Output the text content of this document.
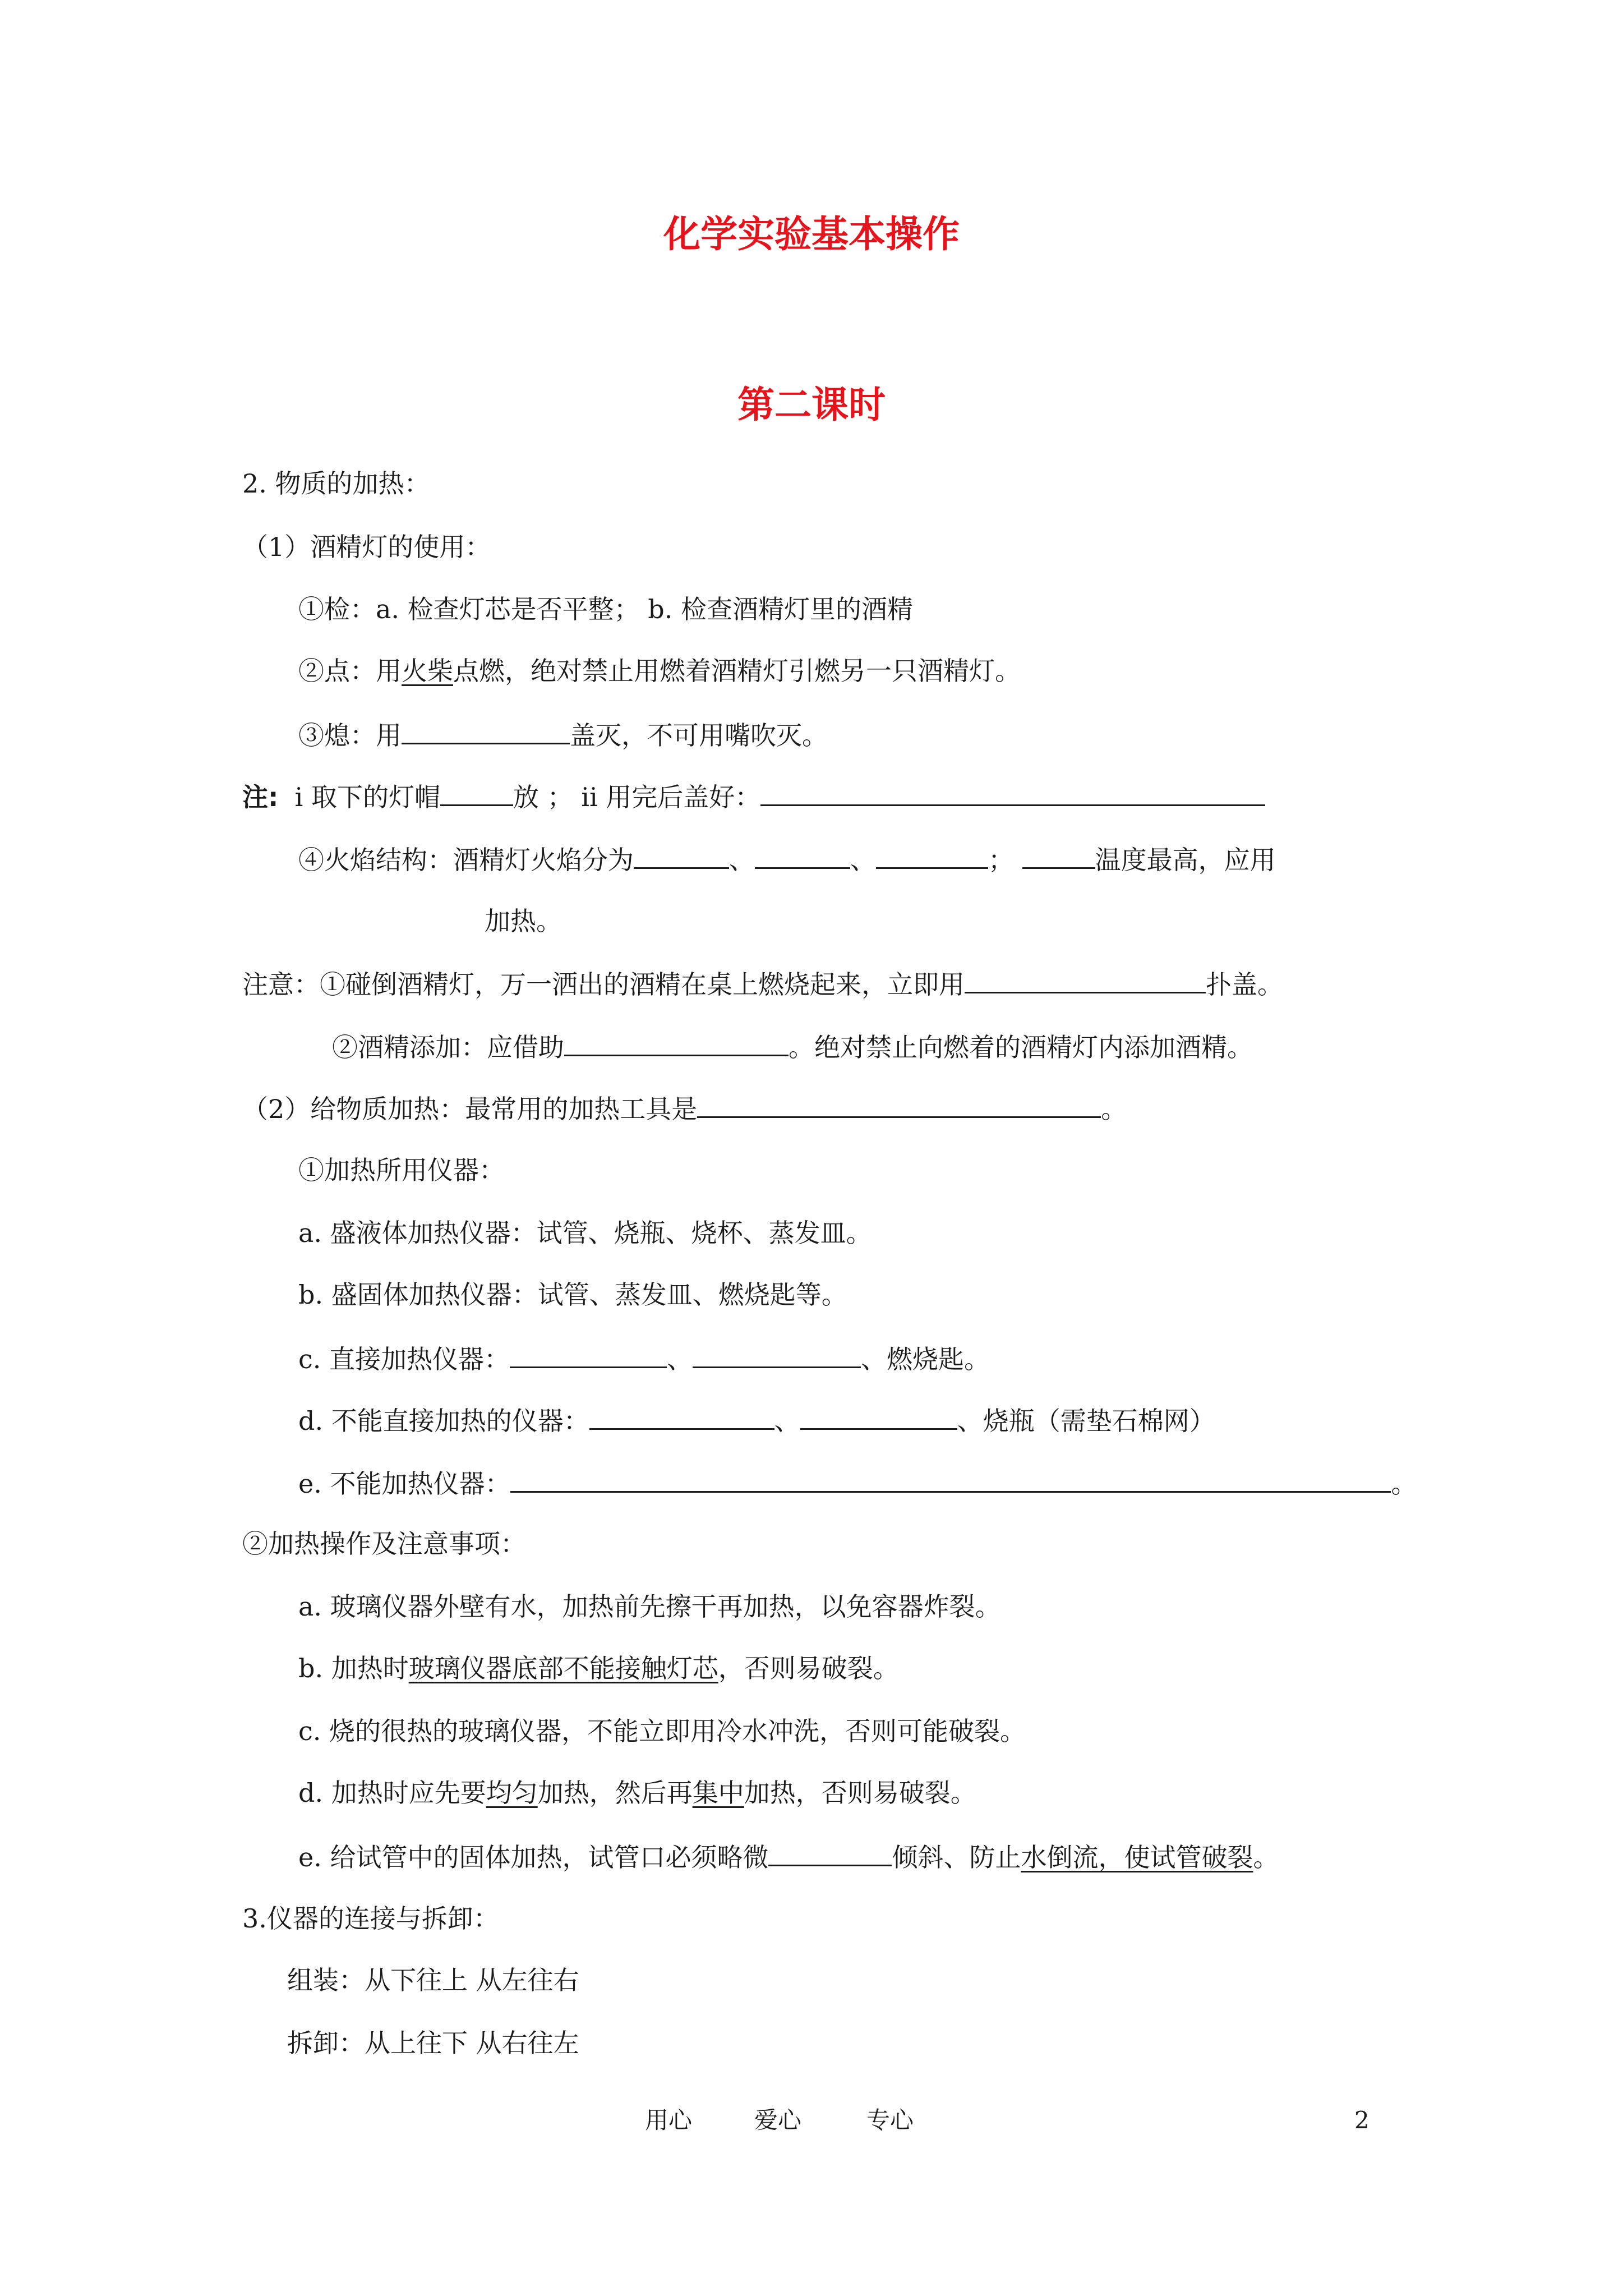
化学实验基本操作
第二课时
2. 物质的加热：
（1）酒精灯的使用：
①检：a. 检查灯芯是否平整； b. 检查酒精灯里的酒精
②点：用火柴点燃，绝对禁止用燃着酒精灯引燃另一只酒精灯。
③熄：用	盖灭，不可用嘴吹灭。
注: i 取下的灯帽	放 ； ii 用完后盖好：
④火焰结构：酒精灯火焰分为	、	、	；	温度最高，应用
加热。
注意：①碰倒酒精灯，万一洒出的酒精在桌上燃烧起来，立即用	扑盖。
②酒精添加：应借助	。绝对禁止向燃着的酒精灯内添加酒精。
（2）给物质加热：最常用的加热工具是	。
①加热所用仪器：
a. 盛液体加热仪器：试管、烧瓶、烧杯、蒸发皿。
b. 盛固体加热仪器：试管、蒸发皿、燃烧匙等。
c. 直接加热仪器：	、	、燃烧匙。
d. 不能直接加热的仪器：	、	、烧瓶（需垫石棉网）
e. 不能加热仪器：	。
②加热操作及注意事项：
a. 玻璃仪器外壁有水，加热前先擦干再加热，以免容器炸裂。
b. 加热时玻璃仪器底部不能接触灯芯，否则易破裂。
c. 烧的很热的玻璃仪器，不能立即用冷水冲洗，否则可能破裂。
d. 加热时应先要均匀加热，然后再集中加热，否则易破裂。
e. 给试管中的固体加热，试管口必须略微	倾斜、防止水倒流，使试管破裂。
3.仪器的连接与拆卸：
组装：从下往上 从左往右
拆卸：从上往下 从右往左
用心	爱心	专心	2
